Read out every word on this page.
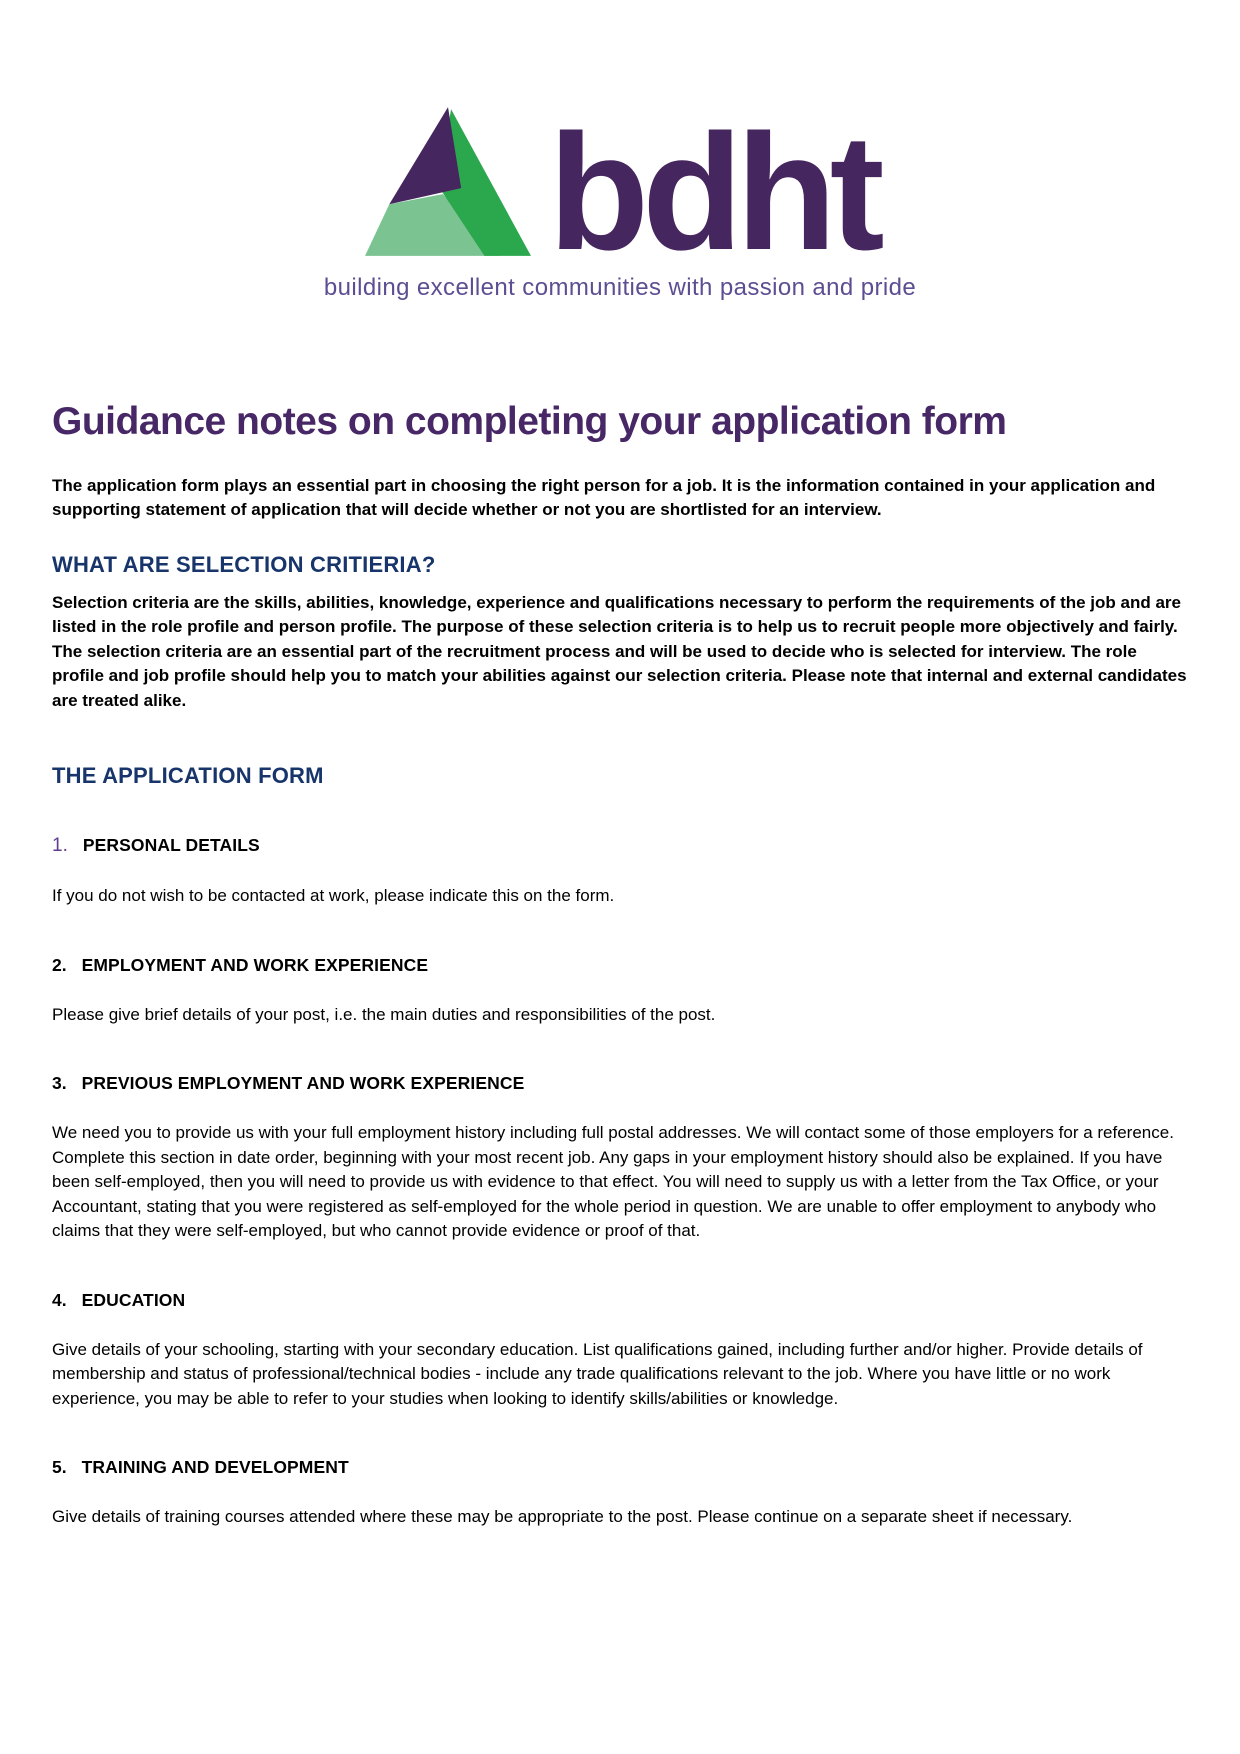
bdht
building excellent communities with passion and pride
Guidance notes on completing your application form

The application form plays an essential part in choosing the right person for a job. It is the information contained in your application and supporting statement of application that will decide whether or not you are shortlisted for an interview.

WHAT ARE SELECTION CRITIERIA?

Selection criteria are the skills, abilities, knowledge, experience and qualifications necessary to perform the requirements of the job and are listed in the role profile and person profile. The purpose of these selection criteria is to help us to recruit people more objectively and fairly. The selection criteria are an essential part of the recruitment process and will be used to decide who is selected for interview. The role profile and job profile should help you to match your abilities against our selection criteria. Please note that internal and external candidates are treated alike.

THE APPLICATION FORM
1. PERSONAL DETAILS

If you do not wish to be contacted at work, please indicate this on the form.

2. EMPLOYMENT AND WORK EXPERIENCE

Please give brief details of your post, i.e. the main duties and responsibilities of the post.

3. PREVIOUS EMPLOYMENT AND WORK EXPERIENCE

We need you to provide us with your full employment history including full postal addresses. We will contact some of those employers for a reference. Complete this section in date order, beginning with your most recent job. Any gaps in your employment history should also be explained. If you have been self-employed, then you will need to provide us with evidence to that effect. You will need to supply us with a letter from the Tax Office, or your Accountant, stating that you were registered as self-employed for the whole period in question. We are unable to offer employment to anybody who claims that they were self-employed, but who cannot provide evidence or proof of that.

4. EDUCATION

Give details of your schooling, starting with your secondary education. List qualifications gained, including further and/or higher. Provide details of membership and status of professional/technical bodies - include any trade qualifications relevant to the job. Where you have little or no work experience, you may be able to refer to your studies when looking to identify skills/abilities or knowledge.

5. TRAINING AND DEVELOPMENT

Give details of training courses attended where these may be appropriate to the post. Please continue on a separate sheet if necessary.
